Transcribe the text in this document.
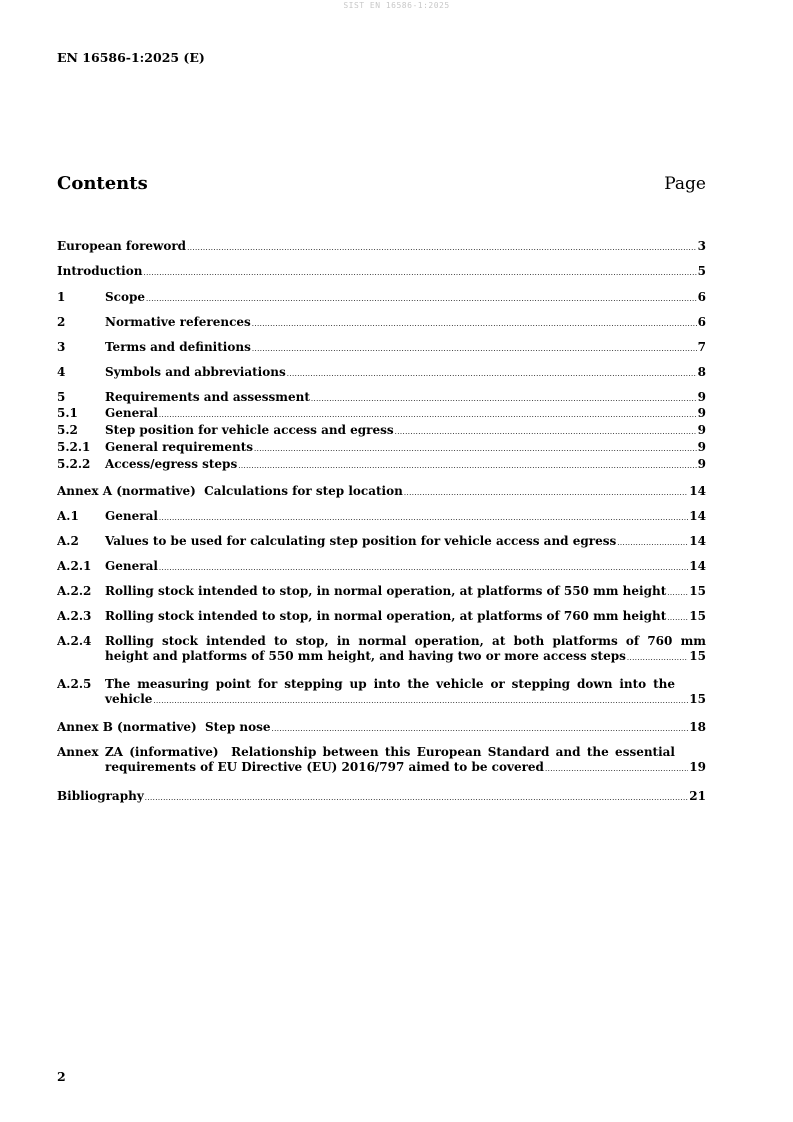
SIST EN 16586-1:2025
EN 16586-1:2025 (E)
Contents	Page
European foreword .....	3
Introduction .....	5
1	Scope .....	6
2	Normative references .....	6
3	Terms and definitions .....	7
4	Symbols and abbreviations .....	8
5	Requirements and assessment .....	9
5.1	General .....	9
5.2	Step position for vehicle access and egress .....	9
5.2.1	General requirements .....	9
5.2.2	Access/egress steps .....	9
Annex A (normative)  Calculations for step location .....	14
A.1	General .....	14
A.2	Values to be used for calculating step position for vehicle access and egress .....	14
A.2.1	General .....	14
A.2.2	Rolling stock intended to stop, in normal operation, at platforms of 550 mm height ..... 15
A.2.3	Rolling stock intended to stop, in normal operation, at platforms of 760 mm height ..... 15
A.2.4	Rolling stock intended to stop, in normal operation, at both platforms of 760 mm
height and platforms of 550 mm height, and having two or more access steps .....	15
A.2.5	The measuring point for stepping up into the vehicle or stepping down into the
vehicle .....	15
Annex B (normative)  Step nose .....	18
Annex ZA (informative)  Relationship between this European Standard and the essential
requirements of EU Directive (EU) 2016/797 aimed to be covered .....	19
Bibliography .....	21
2
